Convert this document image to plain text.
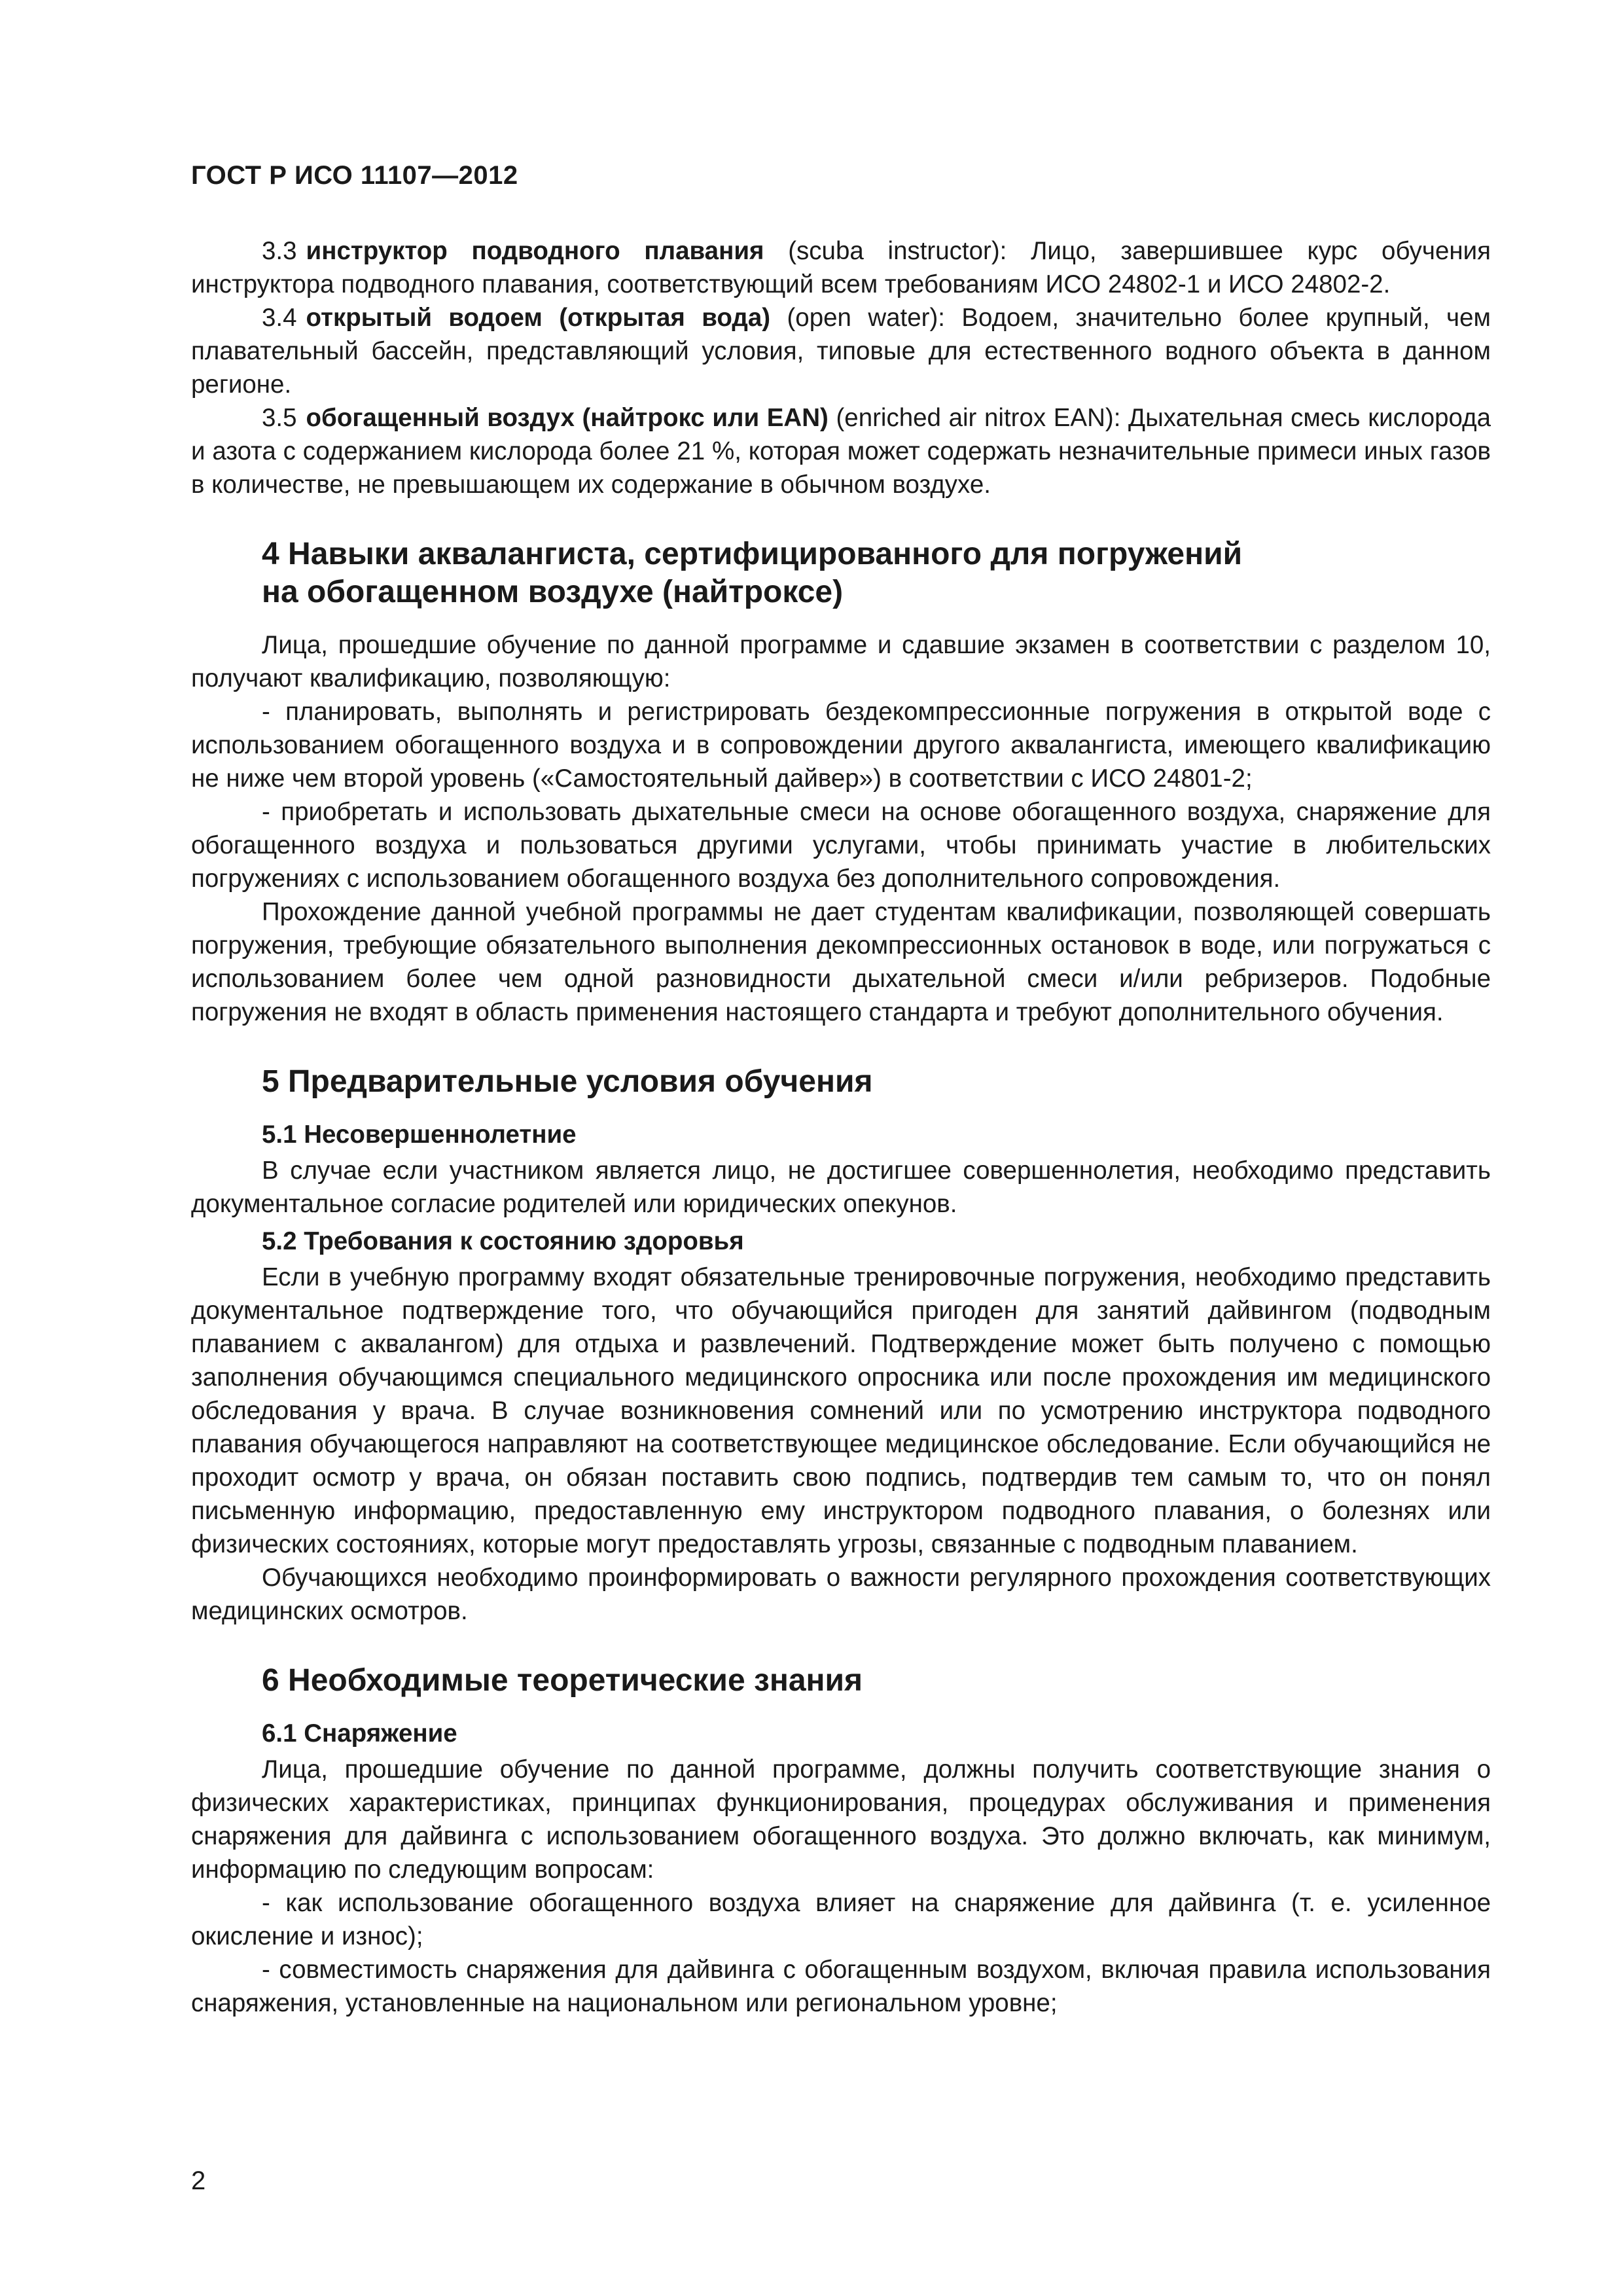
ГОСТ Р ИСО 11107—2012

3.3 инструктор подводного плавания (scuba instructor): Лицо, завершившее курс обучения инструктора подводного плавания, соответствующий всем требованиям ИСО 24802-1 и ИСО 24802-2.

3.4 открытый водоем (открытая вода) (open water): Водоем, значительно более крупный, чем плавательный бассейн, представляющий условия, типовые для естественного водного объекта в данном регионе.

3.5 обогащенный воздух (найтрокс или EAN) (enriched air nitrox EAN): Дыхательная смесь кислорода и азота с содержанием кислорода более 21 %, которая может содержать незначительные примеси иных газов в количестве, не превышающем их содержание в обычном воздухе.

4 Навыки аквалангиста, сертифицированного для погружений
на обогащенном воздухе (найтроксе)

Лица, прошедшие обучение по данной программе и сдавшие экзамен в соответствии с разделом 10, получают квалификацию, позволяющую:

- планировать, выполнять и регистрировать бездекомпрессионные погружения в открытой воде с использованием обогащенного воздуха и в сопровождении другого аквалангиста, имеющего квалификацию не ниже чем второй уровень («Самостоятельный дайвер») в соответствии с ИСО 24801-2;

- приобретать и использовать дыхательные смеси на основе обогащенного воздуха, снаряжение для обогащенного воздуха и пользоваться другими услугами, чтобы принимать участие в любительских погружениях с использованием обогащенного воздуха без дополнительного сопровождения.

Прохождение данной учебной программы не дает студентам квалификации, позволяющей совершать погружения, требующие обязательного выполнения декомпрессионных остановок в воде, или погружаться с использованием более чем одной разновидности дыхательной смеси и/или ребризеров. Подобные погружения не входят в область применения настоящего стандарта и требуют дополнительного обучения.

5 Предварительные условия обучения
5.1 Несовершеннолетние

В случае если участником является лицо, не достигшее совершеннолетия, необходимо представить документальное согласие родителей или юридических опекунов.

5.2 Требования к состоянию здоровья

Если в учебную программу входят обязательные тренировочные погружения, необходимо представить документальное подтверждение того, что обучающийся пригоден для занятий дайвингом (подводным плаванием с аквалангом) для отдыха и развлечений. Подтверждение может быть получено с помощью заполнения обучающимся специального медицинского опросника или после прохождения им медицинского обследования у врача. В случае возникновения сомнений или по усмотрению инструктора подводного плавания обучающегося направляют на соответствующее медицинское обследование. Если обучающийся не проходит осмотр у врача, он обязан поставить свою подпись, подтвердив тем самым то, что он понял письменную информацию, предоставленную ему инструктором подводного плавания, о болезнях или физических состояниях, которые могут предоставлять угрозы, связанные с подводным плаванием.

Обучающихся необходимо проинформировать о важности регулярного прохождения соответствующих медицинских осмотров.

6 Необходимые теоретические знания
6.1 Снаряжение

Лица, прошедшие обучение по данной программе, должны получить соответствующие знания о физических характеристиках, принципах функционирования, процедурах обслуживания и применения снаряжения для дайвинга с использованием обогащенного воздуха. Это должно включать, как минимум, информацию по следующим вопросам:

- как использование обогащенного воздуха влияет на снаряжение для дайвинга (т. е. усиленное окисление и износ);

- совместимость снаряжения для дайвинга с обогащенным воздухом, включая правила использования снаряжения, установленные на национальном или региональном уровне;

2
